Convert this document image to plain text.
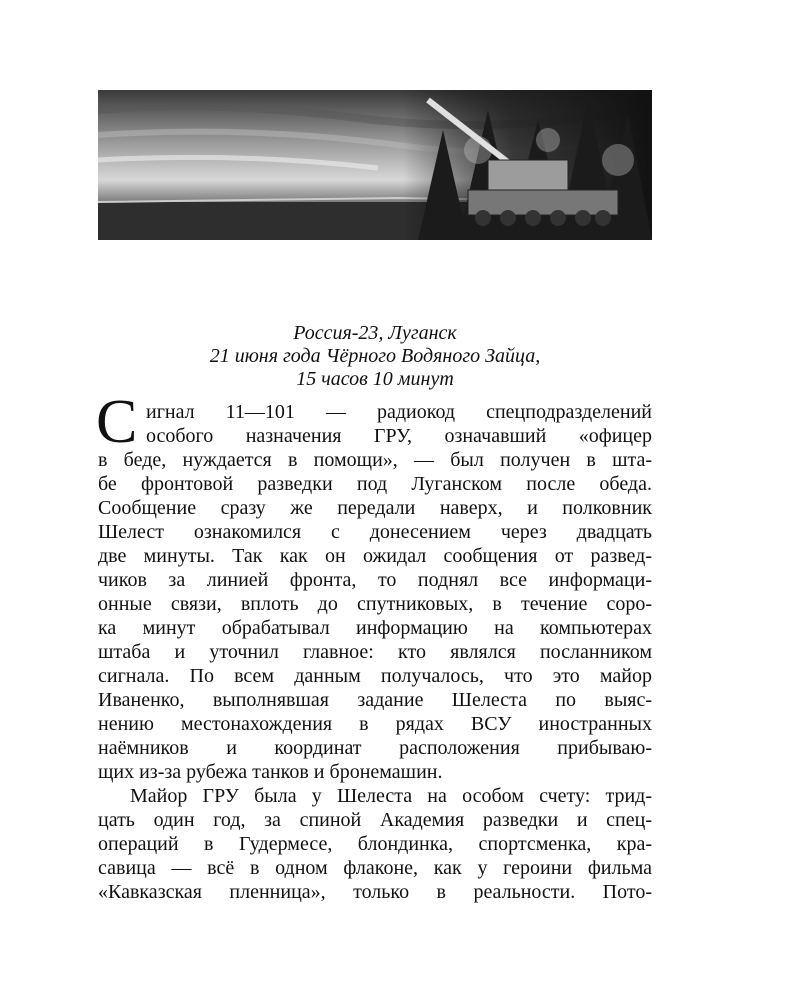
Россия-23, Луганск
21 июня года Чёрного Водяного Зайца,
15 часов 10 минут
С игнал 11—101 — радиокод спецподразделений
особого назначения ГРУ, означавший «офицер
в беде, нуждается в помощи», — был получен в шта-
бе фронтовой разведки под Луганском после обеда.
Сообщение сразу же передали наверх, и полковник
Шелест ознакомился с донесением через двадцать
две минуты. Так как он ожидал сообщения от развед-
чиков за линией фронта, то поднял все информаци-
онные связи, вплоть до спутниковых, в течение соро-
ка минут обрабатывал информацию на компьютерах
штаба и уточнил главное: кто являлся посланником
сигнала. По всем данным получалось, что это майор
Иваненко, выполнявшая задание Шелеста по выяс-
нению местонахождения в рядах ВСУ иностранных
наёмников и координат расположения прибываю-
щих из-за рубежа танков и бронемашин.
Майор ГРУ была у Шелеста на особом счету: трид-
цать один год, за спиной Академия разведки и спец-
операций в Гудермесе, блондинка, спортсменка, кра-
савица — всё в одном флаконе, как у героини фильма
«Кавказская пленница», только в реальности. Пото-
